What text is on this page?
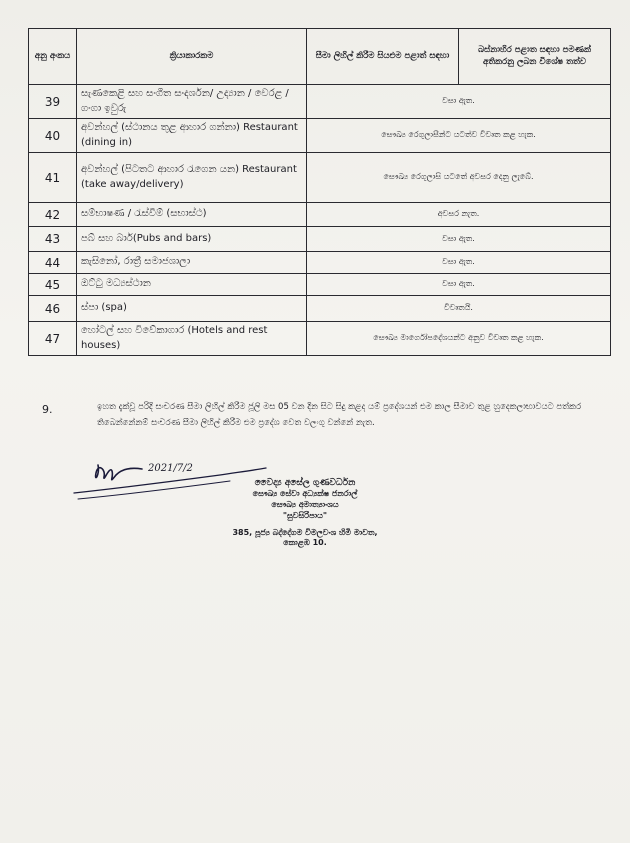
අනු අංකය	ක්‍රියාකාරකම	සීමා ලිහිල් කිරීම සියළුම පළාත් සඳහා	බස්නාහිර පළාත සඳහා පමණක් අතිකරනු ලබන විශේෂ තත්ව
39	සැණකෙළි සහ සංගීත සංදර්ශන/ උද්‍යාන / වෙරළ / ගංගා ඉවුරු	වසා ඇත.	
40	අවන්හල් (ස්ථානය තුළ ආහාර ගන්නා) Restaurant (dining in)	සෞඛ්‍ය රෙගුලාසීන්ට යටත්ව විවෘත කළ හැක.	
41	අවන්හල් (පිටතට ආහාර රැගෙන යන) Restaurant (take away/delivery)	සෞඛ්‍ය රෙගුලාසි යටතේ අවසර දෙනු ලැබේ.	
42	සම්භාෂණ / රැස්වීම් (සභාස්ථ)	අවසර නැත.	
43	පබ් සහ බාර්(Pubs and bars)	වසා ඇත.	
44	කැසිනෝ, රාත්‍රී සමාජශාලා	වසා ඇත.	
45	ඔට්ටු මධ්‍යස්ථාන	වසා ඇත.	
46	ස්පා (spa)	විවෘතයි.	
47	හෝටල් සහ විවේකාගාර (Hotels and rest houses)	සෞඛ්‍ය මාර්ගෝපදේශයන්ට අනුව විවෘත කළ හැක.	
9.	ඉහත දැක්වූ පරිදි සංචරණ සීමා ලිහිල් කිරීම ජූලි මස 05 වන දින සිට සිදු කළද යම් ප්‍රදේශයන් එම කාල සීමාව තුළ හුදෙකලාභාවයට පත්කර තිබෙන්නේනම් සංචරණ සීමා ලිහිල් කිරීම එම ප්‍රදේශ වෙත වලංගු වන්නේ නැත.
2021/7/2
වෛද්‍ය අසේල ගුණවර්ධන
සෞඛ්‍ය සේවා අධ්‍යක්ෂ ජනරාල්
සෞඛ්‍ය අමාත්‍යාංශය
"සුවසිරිපාය"
385, පූජ්‍ය බද්දේගම විමලවංශ හිමි මාවත,
කොළඹ 10.
